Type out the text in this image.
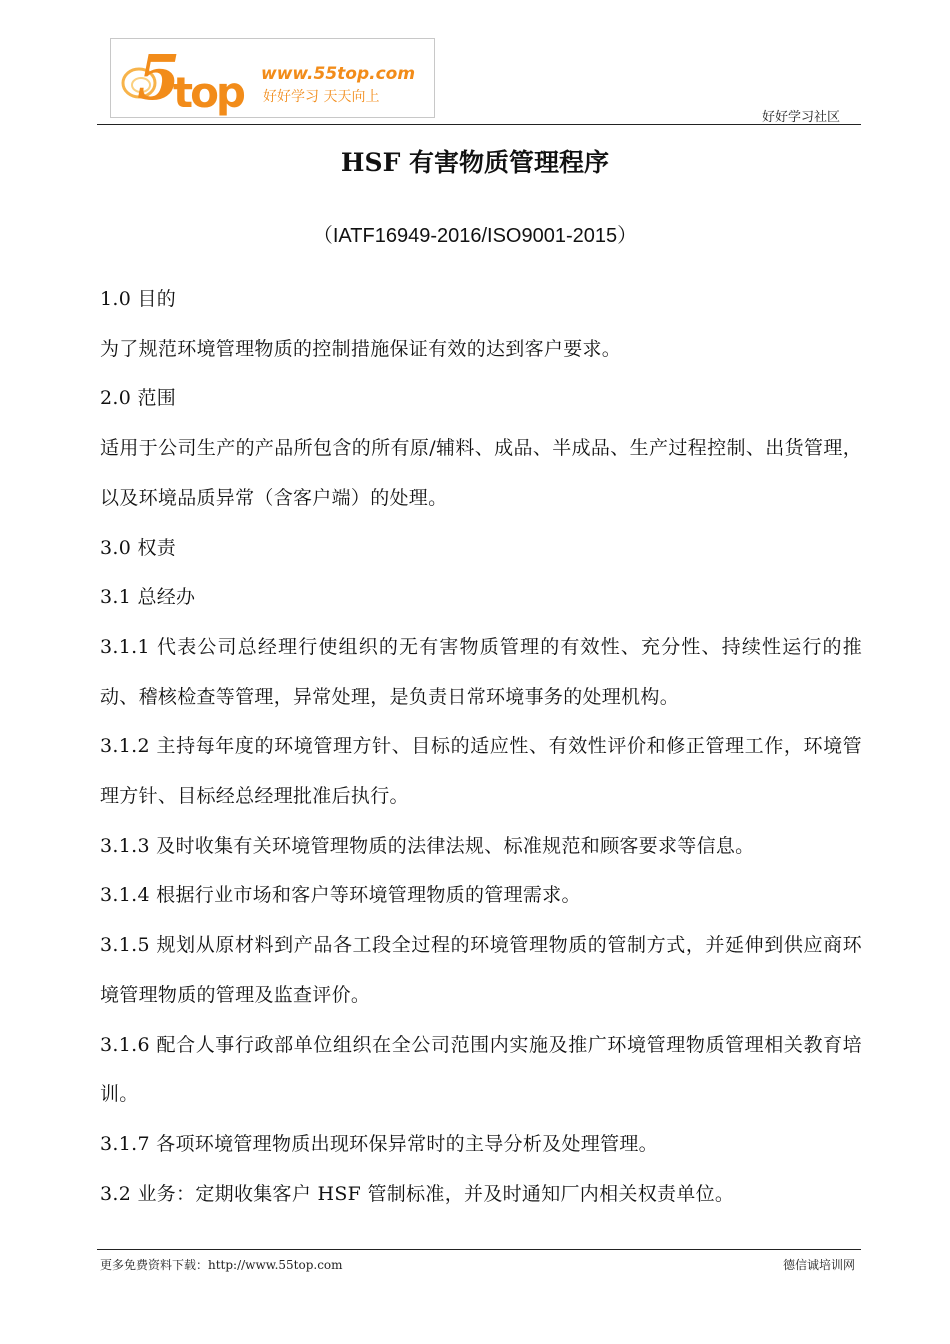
5
top www.55top.com
好好学习 天天向上
好好学习社区
HSF 有害物质管理程序
（IATF16949-2016/ISO9001-2015）

1.0 目的

为了规范环境管理物质的控制措施保证有效的达到客户要求。

2.0 范围

适用于公司生产的产品所包含的所有原/辅料、成品、半成品、生产过程控制、出货管理，以及环境品质异常（含客户端）的处理。

3.0 权责

3.1 总经办

3.1.1 代表公司总经理行使组织的无有害物质管理的有效性、充分性、持续性运行的推动、稽核检查等管理，异常处理，是负责日常环境事务的处理机构。

3.1.2 主持每年度的环境管理方针、目标的适应性、有效性评价和修正管理工作，环境管理方针、目标经总经理批准后执行。

3.1.3 及时收集有关环境管理物质的法律法规、标准规范和顾客要求等信息。

3.1.4 根据行业市场和客户等环境管理物质的管理需求。

3.1.5 规划从原材料到产品各工段全过程的环境管理物质的管制方式，并延伸到供应商环境管理物质的管理及监查评价。

3.1.6 配合人事行政部单位组织在全公司范围内实施及推广环境管理物质管理相关教育培训。

3.1.7 各项环境管理物质出现环保异常时的主导分析及处理管理。

3.2 业务：定期收集客户 HSF 管制标准，并及时通知厂内相关权责单位。

更多免费资料下载：http://www.55top.com	德信诚培训网
